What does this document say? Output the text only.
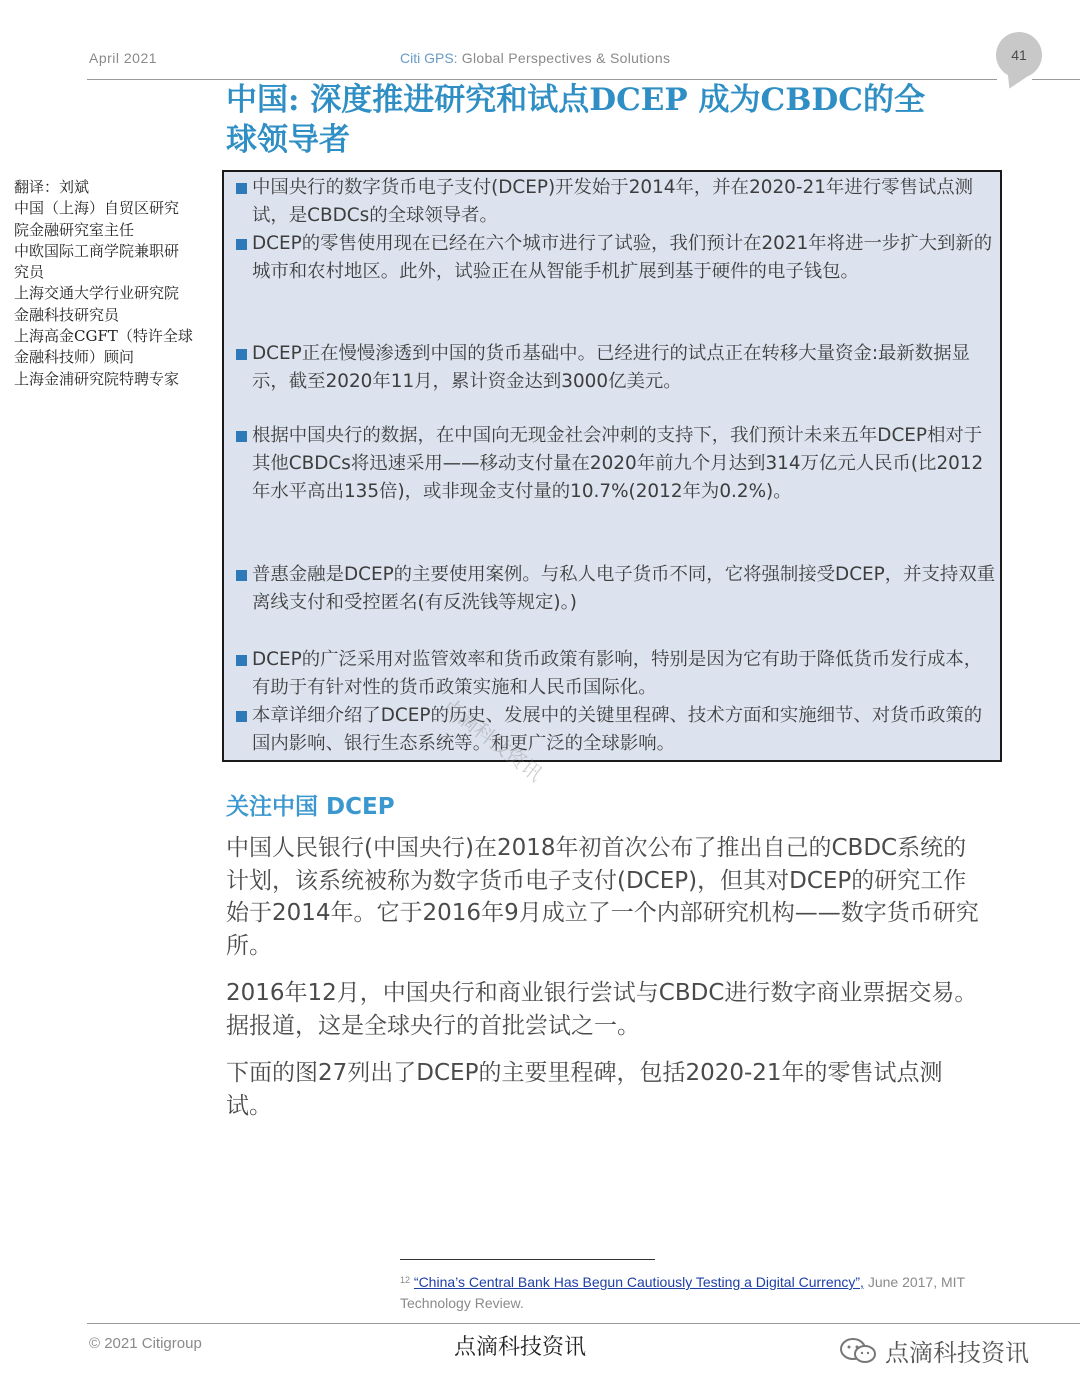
April 2021	Citi GPS: Global Perspectives & Solutions	41
中国: 深度推进研究和试点DCEP 成为CBDC的全
球领导者
翻译：刘斌
中国（上海）自贸区研究
院金融研究室主任
中欧国际工商学院兼职研
究员
上海交通大学行业研究院
金融科技研究员
上海高金CGFT（特许全球
金融科技师）顾问
上海金浦研究院特聘专家
中国央行的数字货币电子支付(DCEP)开发始于2014年，并在2020-21年进行零售试点测试，是CBDCs的全球领导者。
DCEP的零售使用现在已经在六个城市进行了试验，我们预计在2021年将进一步扩大到新的城市和农村地区。此外，试验正在从智能手机扩展到基于硬件的电子钱包。
DCEP正在慢慢渗透到中国的货币基础中。已经进行的试点正在转移大量资金:最新数据显示，截至2020年11月，累计资金达到3000亿美元。
根据中国央行的数据，在中国向无现金社会冲刺的支持下，我们预计未来五年DCEP相对于其他CBDCs将迅速采用——移动支付量在2020年前九个月达到314万亿元人民币(比2012年水平高出135倍)，或非现金支付量的10.7%(2012年为0.2%)。
普惠金融是DCEP的主要使用案例。与私人电子货币不同，它将强制接受DCEP，并支持双重离线支付和受控匿名(有反洗钱等规定)。)
DCEP的广泛采用对监管效率和货币政策有影响，特别是因为它有助于降低货币发行成本，有助于有针对性的货币政策实施和人民币国际化。
本章详细介绍了DCEP的历史、发展中的关键里程碑、技术方面和实施细节、对货币政策的国内影响、银行生态系统等。和更广泛的全球影响。
点滴科技资讯
关注中国 DCEP
中国人民银行(中国央行)在2018年初首次公布了推出自己的CBDC系统的计划，该系统被称为数字货币电子支付(DCEP)，但其对DCEP的研究工作始于2014年。它于2016年9月成立了一个内部研究机构——数字货币研究所。
2016年12月，中国央行和商业银行尝试与CBDC进行数字商业票据交易。据报道，这是全球央行的首批尝试之一。
下面的图27列出了DCEP的主要里程碑，包括2020-21年的零售试点测试。
$^{12}$ “China’s Central Bank Has Begun Cautiously Testing a Digital Currency”, June 2017, MIT Technology Review.
© 2021 Citigroup	点滴科技资讯	点滴科技资讯
